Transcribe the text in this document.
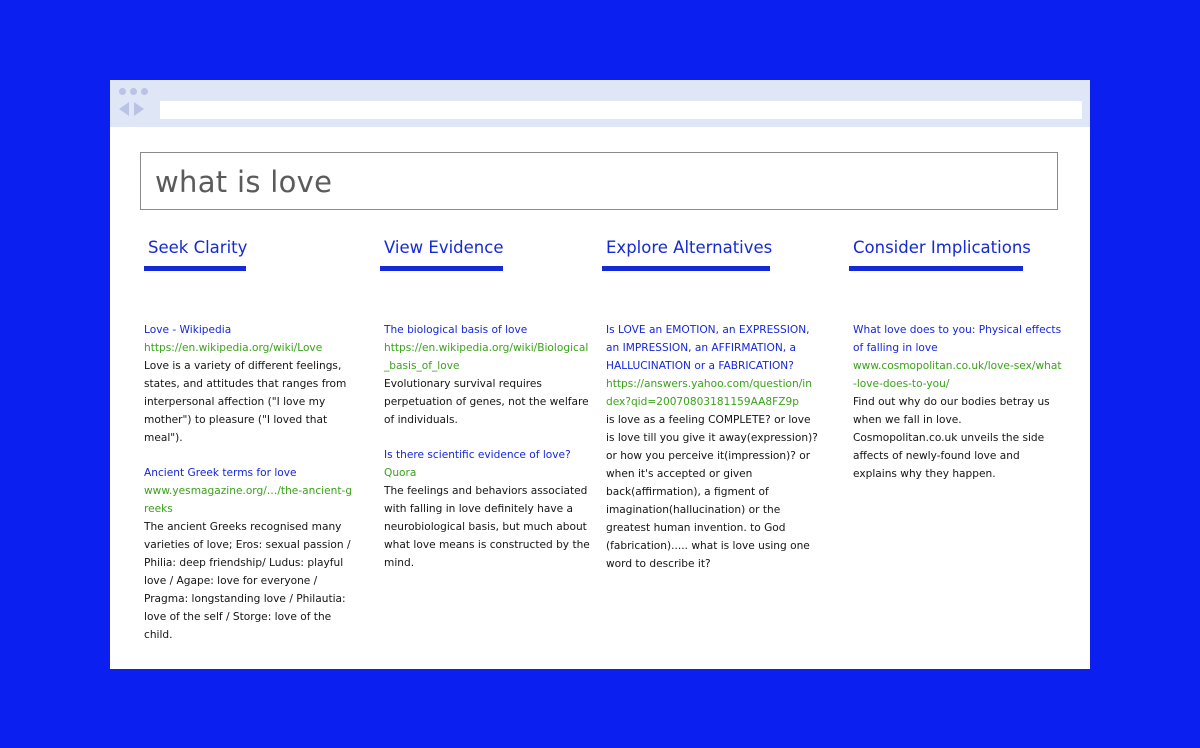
what is love
Seek Clarity
Love - Wikipedia
https://en.wikipedia.org/wiki/Love
Love is a variety of different feelings, states, and attitudes that ranges from interpersonal affection ("I love my mother") to pleasure ("I loved that meal").
Ancient Greek terms for love
www.yesmagazine.org/…/the-ancient-greeks
The ancient Greeks recognised many varieties of love; Eros: sexual passion / Philia: deep friendship/ Ludus: playful love / Agape: love for everyone / Pragma: longstanding love / Philautia: love of the self / Storge: love of the child.
View Evidence
The biological basis of love
https://en.wikipedia.org/wiki/Biological_basis_of_love
Evolutionary survival requires perpetuation of genes, not the welfare of individuals.
Is there scientific evidence of love?
Quora
The feelings and behaviors associated with falling in love definitely have a neurobiological basis, but much about what love means is constructed by the mind.
Explore Alternatives
Is LOVE an EMOTION, an EXPRESSION, an IMPRESSION, an AFFIRMATION, a HALLUCINATION or a FABRICATION?
https://answers.yahoo.com/question/index?qid=20070803181159AA8FZ9p
is love as a feeling COMPLETE? or love is love till you give it away(expression)? or how you perceive it(impression)? or when it's accepted or given back(affirmation), a figment of imagination(hallucination) or the greatest human invention. to God (fabrication)..... what is love using one word to describe it?
Consider Implications
What love does to you: Physical effects of falling in love
www.cosmopolitan.co.uk/love-sex/what-love-does-to-you/
Find out why do our bodies betray us when we fall in love. Cosmopolitan.co.uk unveils the side affects of newly-found love and explains why they happen.
